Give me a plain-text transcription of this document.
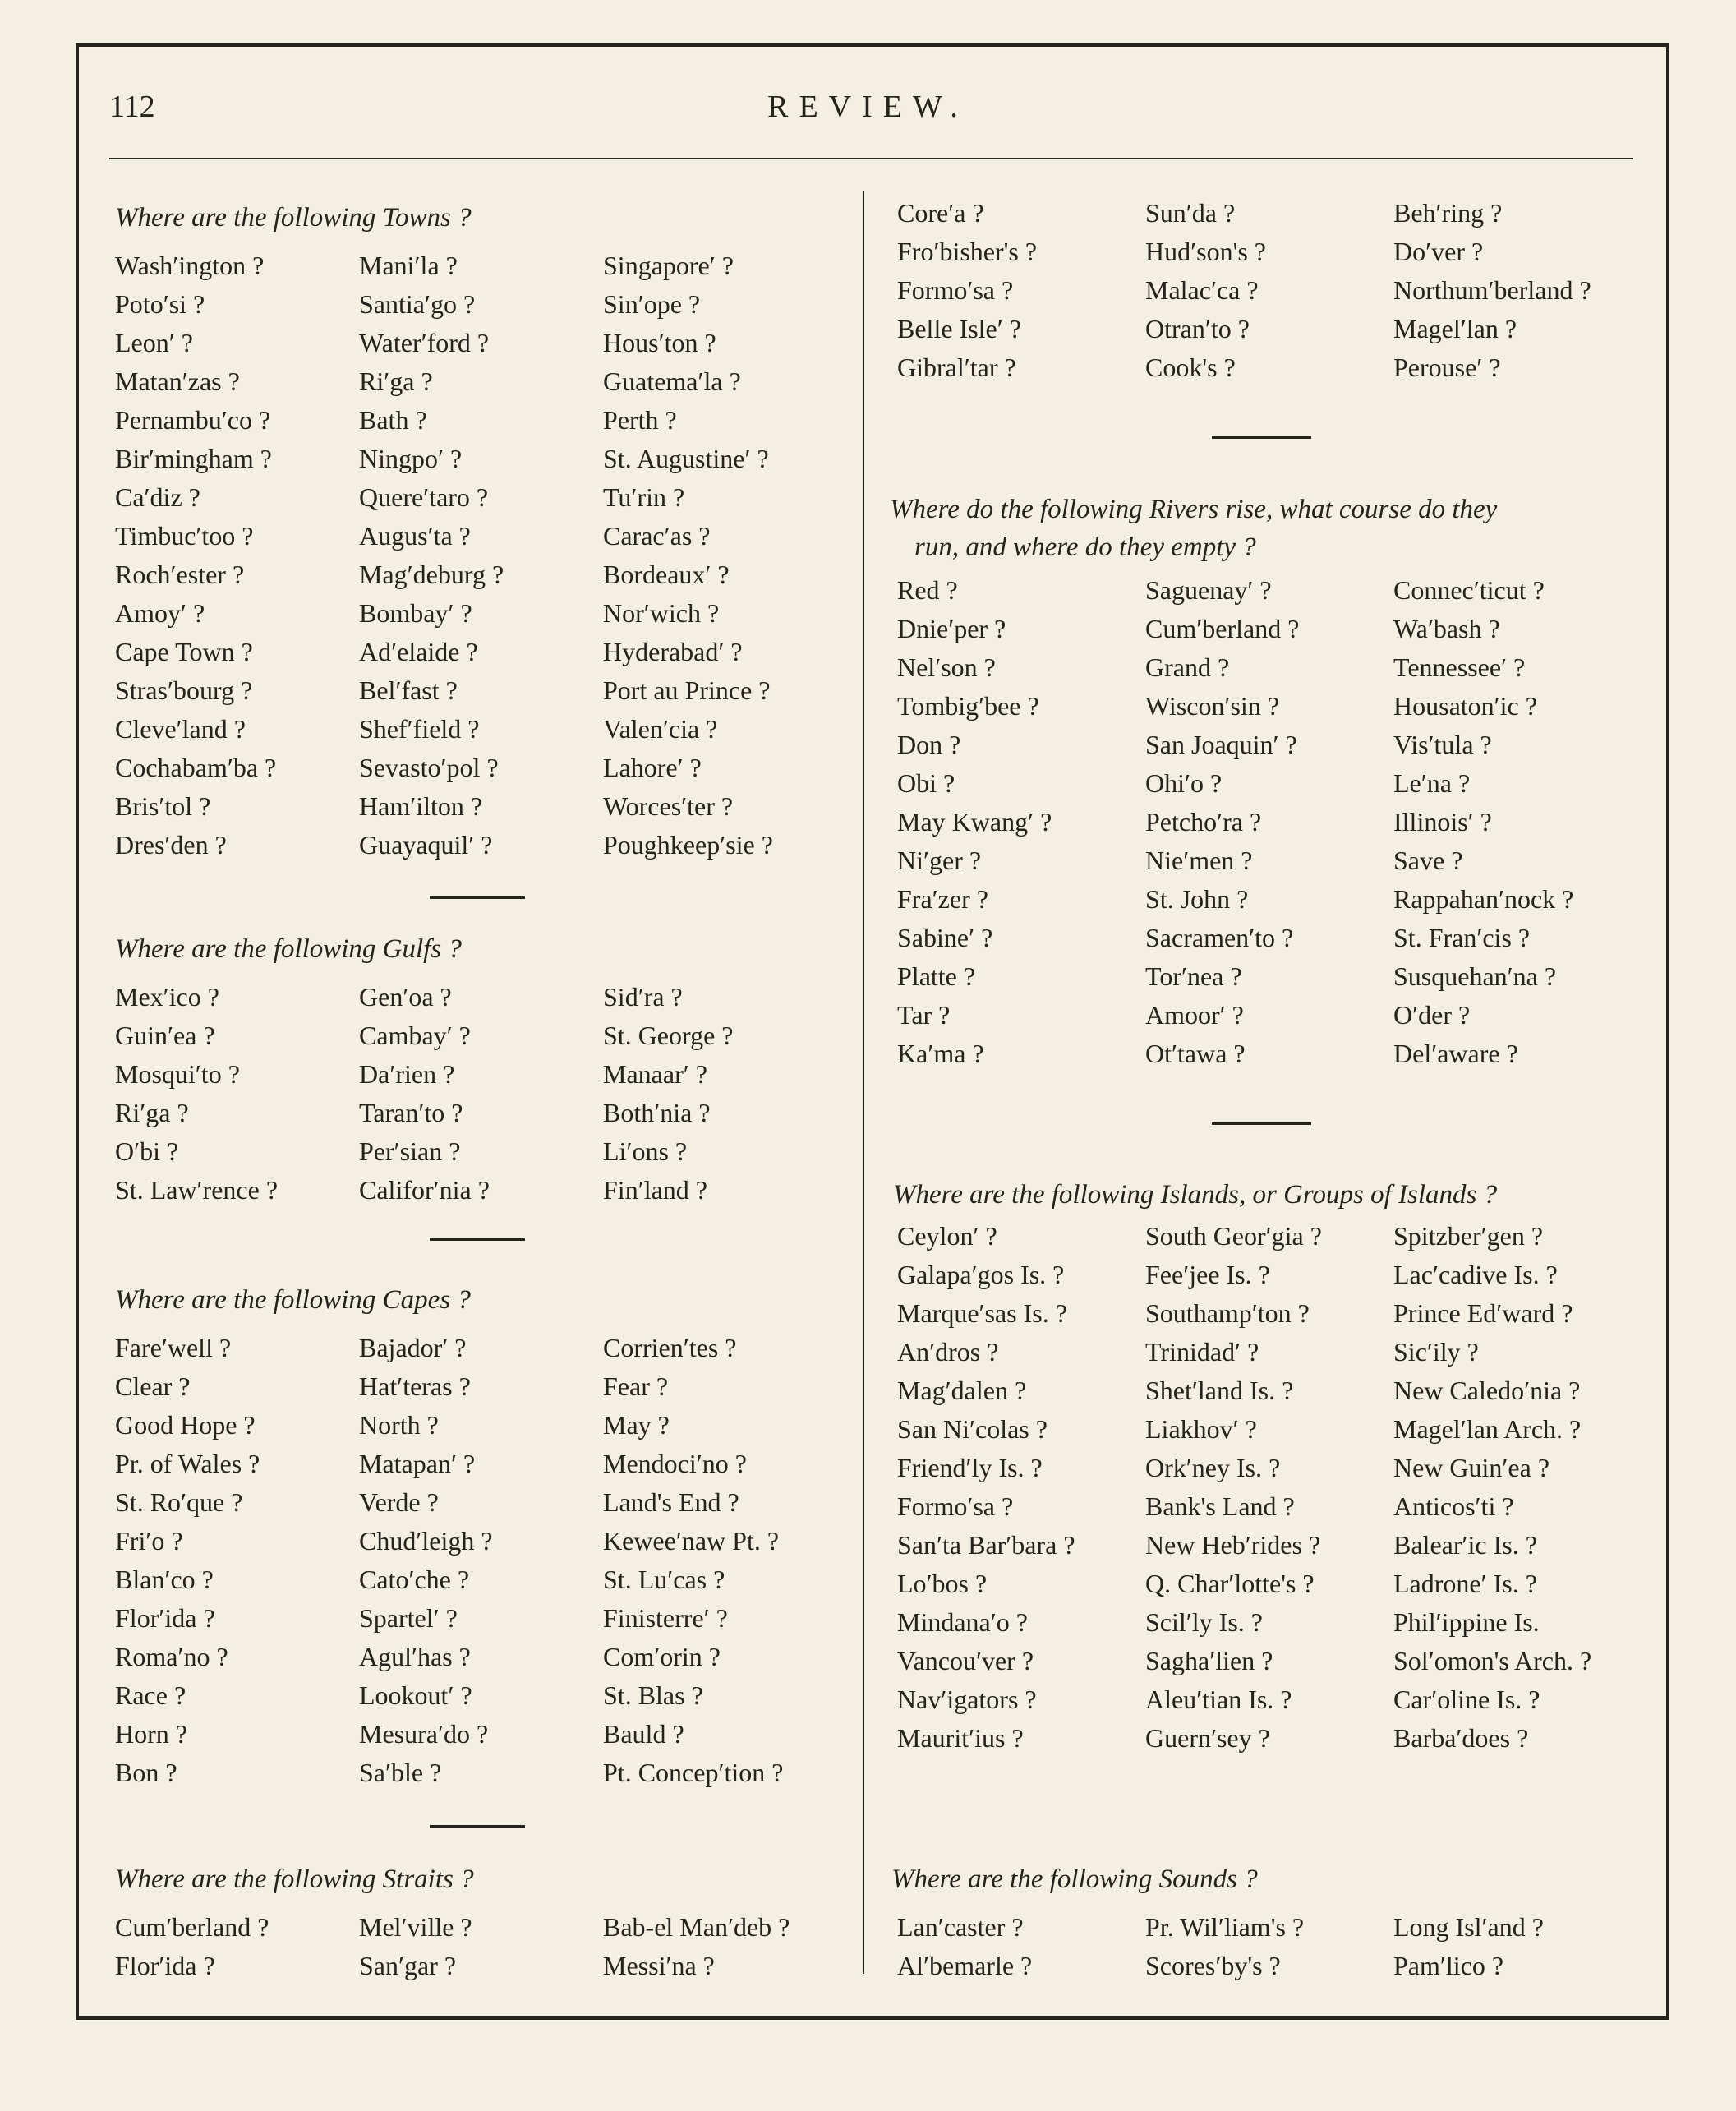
112	REVIEW.
Where are the following Towns ?
Wash′ington ?
Poto′si ?
Leon′ ?
Matan′zas ?
Pernambu′co ?
Bir′mingham ?
Ca′diz ?
Timbuc′too ?
Roch′ester ?
Amoy′ ?
Cape Town ?
Stras′bourg ?
Cleve′land ?
Cochabam′ba ?
Bris′tol ?
Dres′den ?
Mani′la ?
Santia′go ?
Water′ford ?
Ri′ga ?
Bath ?
Ningpo′ ?
Quere′taro ?
Augus′ta ?
Mag′deburg ?
Bombay′ ?
Ad′elaide ?
Bel′fast ?
Shef′field ?
Sevasto′pol ?
Ham′ilton ?
Guayaquil′ ?
Singapore′ ?
Sin′ope ?
Hous′ton ?
Guatema′la ?
Perth ?
St. Augustine′ ?
Tu′rin ?
Carac′as ?
Bordeaux′ ?
Nor′wich ?
Hyderabad′ ?
Port au Prince ?
Valen′cia ?
Lahore′ ?
Worces′ter ?
Poughkeep′sie ?
Where are the following Gulfs ?
Mex′ico ?
Guin′ea ?
Mosqui′to ?
Ri′ga ?
O′bi ?
St. Law′rence ?
Gen′oa ?
Cambay′ ?
Da′rien ?
Taran′to ?
Per′sian ?
Califor′nia ?
Sid′ra ?
St. George ?
Manaar′ ?
Both′nia ?
Li′ons ?
Fin′land ?
Where are the following Capes ?
Fare′well ?
Clear ?
Good Hope ?
Pr. of Wales ?
St. Ro′que ?
Fri′o ?
Blan′co ?
Flor′ida ?
Roma′no ?
Race ?
Horn ?
Bon ?
Bajador′ ?
Hat′teras ?
North ?
Matapan′ ?
Verde ?
Chud′leigh ?
Cato′che ?
Spartel′ ?
Agul′has ?
Lookout′ ?
Mesura′do ?
Sa′ble ?
Corrien′tes ?
Fear ?
May ?
Mendoci′no ?
Land's End ?
Kewee′naw Pt. ?
St. Lu′cas ?
Finisterre′ ?
Com′orin ?
St. Blas ?
Bauld ?
Pt. Concep′tion ?
Where are the following Straits ?
Cum′berland ?
Flor′ida ?
Mel′ville ?
San′gar ?
Bab-el Man′deb ?
Messi′na ?
Core′a ?
Fro′bisher's ?
Formo′sa ?
Belle Isle′ ?
Gibral′tar ?
Sun′da ?
Hud′son's ?
Malac′ca ?
Otran′to ?
Cook's ?
Beh′ring ?
Do′ver ?
Northum′berland ?
Magel′lan ?
Perouse′ ?
Where do the following Rivers rise, what course do they
run, and where do they empty ?
Red ?
Dnie′per ?
Nel′son ?
Tombig′bee ?
Don ?
Obi ?
May Kwang′ ?
Ni′ger ?
Fra′zer ?
Sabine′ ?
Platte ?
Tar ?
Ka′ma ?
Saguenay′ ?
Cum′berland ?
Grand ?
Wiscon′sin ?
San Joaquin′ ?
Ohi′o ?
Petcho′ra ?
Nie′men ?
St. John ?
Sacramen′to ?
Tor′nea ?
Amoor′ ?
Ot′tawa ?
Connec′ticut ?
Wa′bash ?
Tennessee′ ?
Housaton′ic ?
Vis′tula ?
Le′na ?
Illinois′ ?
Save ?
Rappahan′nock ?
St. Fran′cis ?
Susquehan′na ?
O′der ?
Del′aware ?
Where are the following Islands, or Groups of Islands ?
Ceylon′ ?
Galapa′gos Is. ?
Marque′sas Is. ?
An′dros ?
Mag′dalen ?
San Ni′colas ?
Friend′ly Is. ?
Formo′sa ?
San′ta Bar′bara ?
Lo′bos ?
Mindana′o ?
Vancou′ver ?
Nav′igators ?
Maurit′ius ?
South Geor′gia ?
Fee′jee Is. ?
Southamp′ton ?
Trinidad′ ?
Shet′land Is. ?
Liakhov′ ?
Ork′ney Is. ?
Bank's Land ?
New Heb′rides ?
Q. Char′lotte's ?
Scil′ly Is. ?
Sagha′lien ?
Aleu′tian Is. ?
Guern′sey ?
Spitzber′gen ?
Lac′cadive Is. ?
Prince Ed′ward ?
Sic′ily ?
New Caledo′nia ?
Magel′lan Arch. ?
New Guin′ea ?
Anticos′ti ?
Balear′ic Is. ?
Ladrone′ Is. ?
Phil′ippine Is.
Sol′omon's Arch. ?
Car′oline Is. ?
Barba′does ?
Where are the following Sounds ?
Lan′caster ?
Al′bemarle ?
Pr. Wil′liam's ?
Scores′by's ?
Long Isl′and ?
Pam′lico ?
